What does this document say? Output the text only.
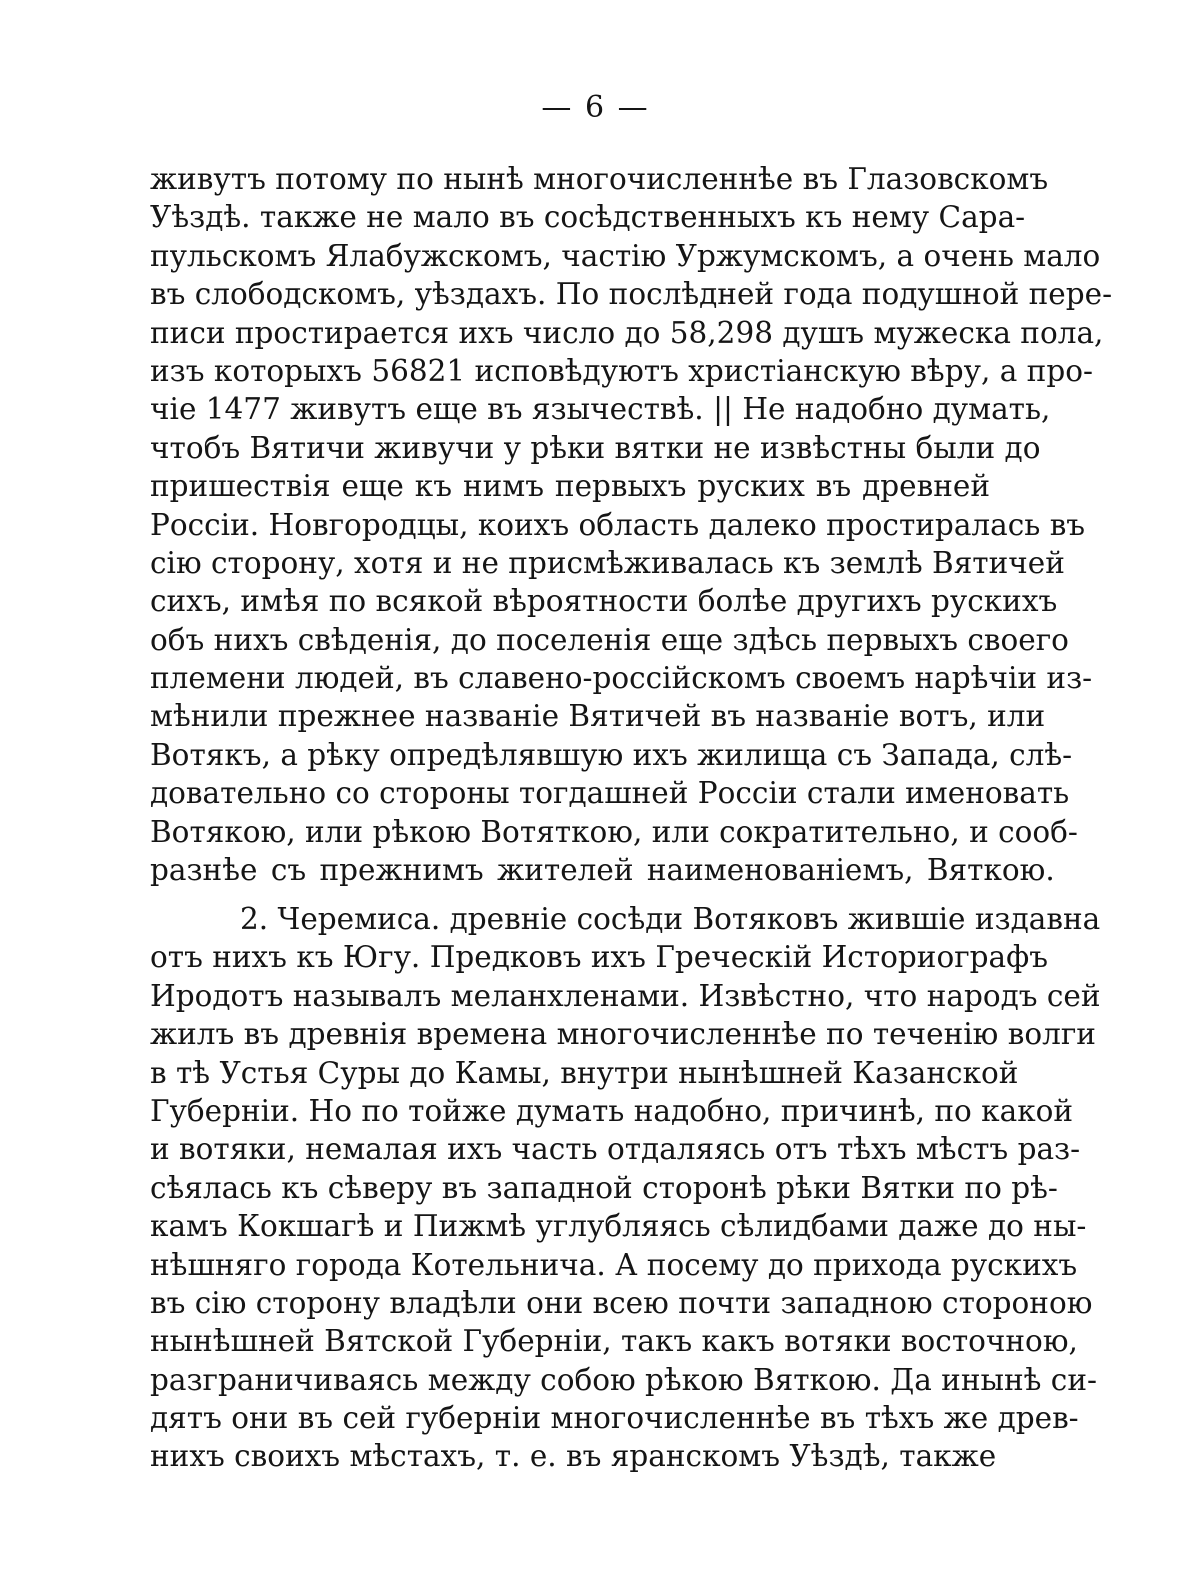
— 6 —
живутъ потому по нынѣ многочисленнѣе въ Глазовскомъ
Уѣздѣ. также не мало въ сосѣдственныхъ къ нему Сара-
пульскомъ Ялабужскомъ, частію Уржумскомъ, а очень мало
въ слободскомъ, уѣздахъ. По послѣдней года подушной пере-
писи простирается ихъ число до 58,298 душъ мужеска пола,
изъ которыхъ 56821 исповѣдуютъ христіанскую вѣру, а про-
чіе 1477 живутъ еще въ язычествѣ. || Не надобно думать,
чтобъ Вятичи живучи у рѣки вятки не извѣстны были до
пришествія еще къ нимъ первыхъ руских въ древней
Россіи. Новгородцы, коихъ область далеко простиралась въ
сію сторону, хотя и не присмѣживалась къ землѣ Вятичей
сихъ, имѣя по всякой вѣроятности болѣе другихъ рускихъ
объ нихъ свѣденія, до поселенія еще здѣсь первыхъ своего
племени людей, въ славено-россійскомъ своемъ нарѣчіи из-
мѣнили прежнее названіе Вятичей въ названіе вотъ, или
Вотякъ, а рѣку опредѣлявшую ихъ жилища съ Запада, слѣ-
довательно со стороны тогдашней Россіи стали именовать
Вотякою, или рѣкою Вотяткою, или сократительно, и сооб-
разнѣе съ прежнимъ жителей наименованіемъ, Вяткою.
2. Черемиса. древніе сосѣди Вотяковъ жившіе издавна
отъ нихъ къ Югу. Предковъ ихъ Греческій Историографъ
Иродотъ называлъ меланхленами. Извѣстно, что народъ сей
жилъ въ древнія времена многочисленнѣе по теченію волги
в тѣ Устья Суры до Камы, внутри нынѣшней Казанской
Губерніи. Но по тойже думать надобно, причинѣ, по какой
и вотяки, немалая ихъ часть отдаляясь отъ тѣхъ мѣстъ раз-
сѣялась къ сѣверу въ западной сторонѣ рѣки Вятки по рѣ-
камъ Кокшагѣ и Пижмѣ углубляясь сѣлидбами даже до ны-
нѣшняго города Котельнича. А посему до прихода рускихъ
въ сію сторону владѣли они всею почти западною стороною
нынѣшней Вятской Губерніи, такъ какъ вотяки восточною,
разграничиваясь между собою рѣкою Вяткою. Да инынѣ си-
дятъ они въ сей губерніи многочисленнѣе въ тѣхъ же древ-
нихъ своихъ мѣстахъ, т. е. въ яранскомъ Уѣздѣ, также
